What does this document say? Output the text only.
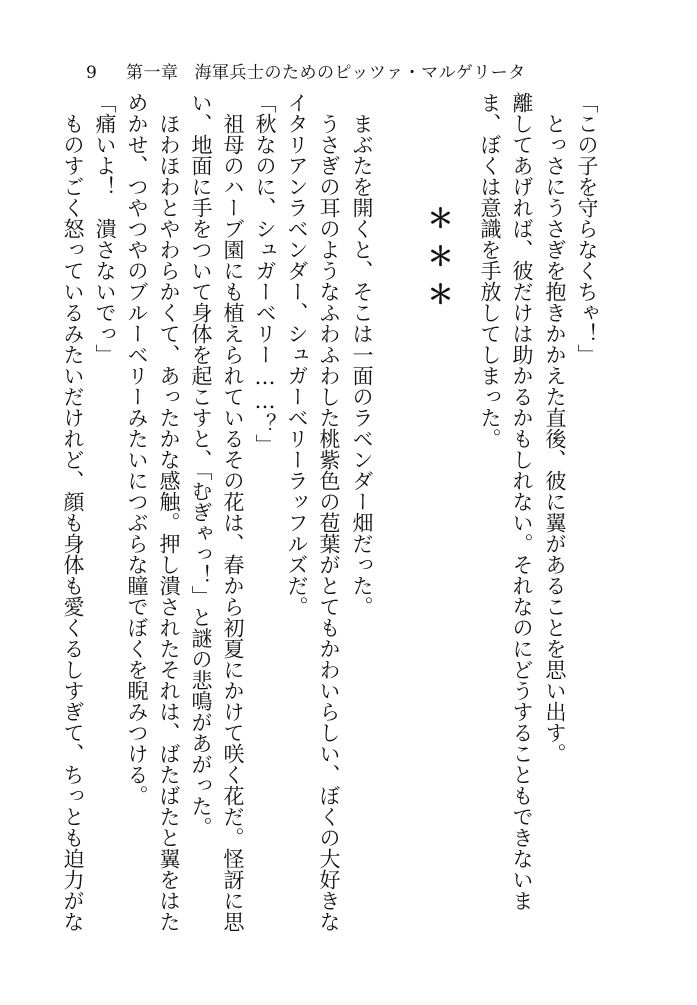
9 第一章 海軍兵士のためのピッツァ・マルゲリータ
＊＊＊	「この子を守らなくちゃ！」
　とっさにうさぎを抱きかかえた直後、彼に翼があることを思い出す。
離してあげれば、彼だけは助かるかもしれない。それなのにどうすることもできないま
ま、ぼくは意識を手放してしまった。
　まぶたを開くと、そこは一面のラベンダー畑だった。
　うさぎの耳のようなふわふわした桃紫色の苞葉がとてもかわいらしい、ぼくの大好きな
イタリアンラベンダー、シュガーベリーラッフルズだ。
「秋なのに、シュガーベリー……？」
　祖母のハーブ園にも植えられているその花は、春から初夏にかけて咲く花だ。怪訝に思
い、地面に手をついて身体を起こすと、「むぎゃっ！」と謎の悲鳴があがった。
　ほわほわとやわらかくて、あったかな感触。押し潰されたそれは、ばたばたと翼をはた
めかせ、つやつやのブルーベリーみたいにつぶらな瞳でぼくを睨みつける。
「痛いよ！　潰さないでっ」
　ものすごく怒っているみたいだけれど、顔も身体も愛くるしすぎて、ちっとも迫力がな
